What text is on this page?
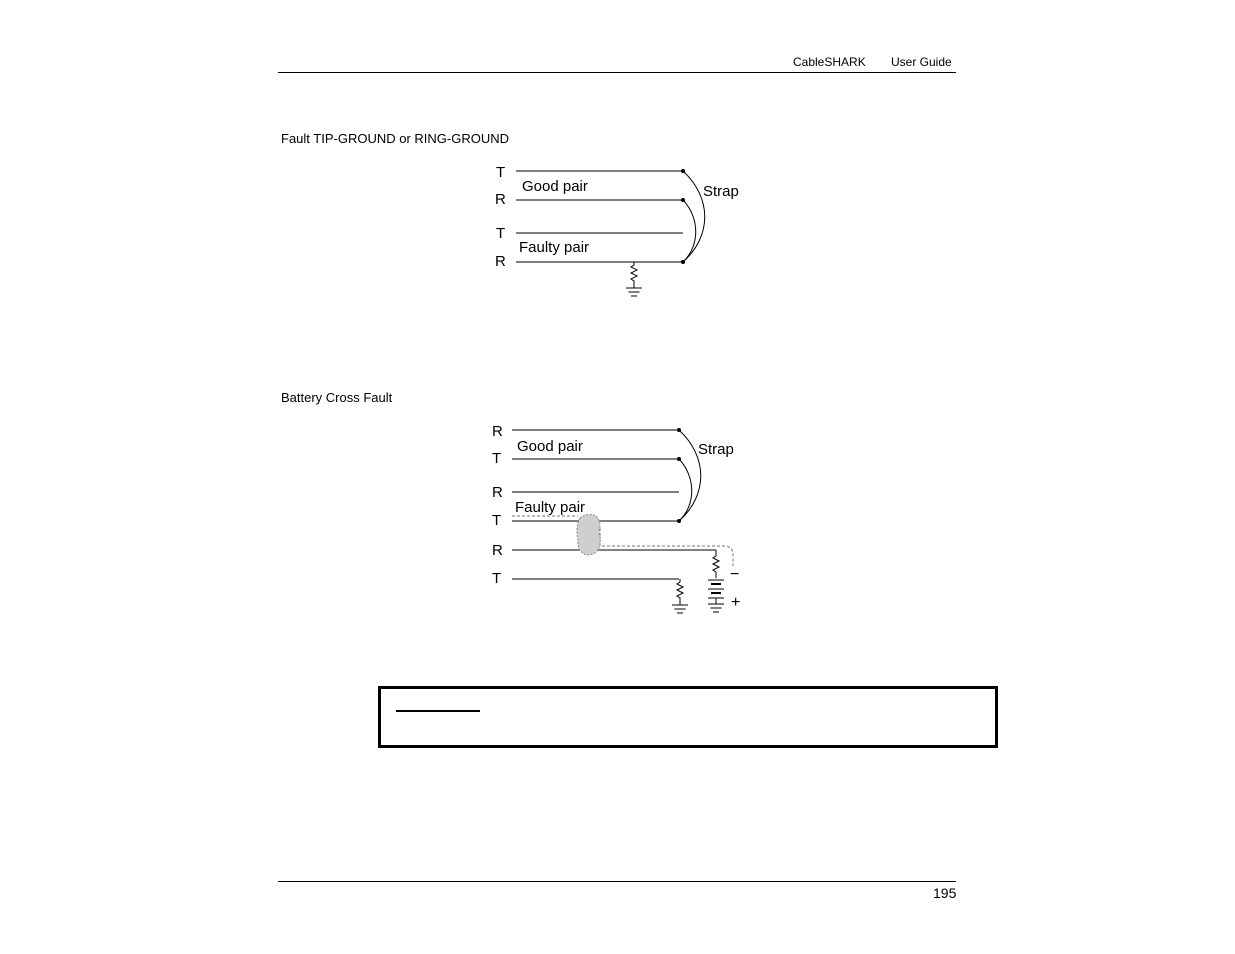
CableSHARK User Guide
Fault TIP-GROUND or RING-GROUND
Battery Cross Fault
T
R
T
R
Good pair
Faulty pair
Strap
R
T
R
T
R
T
Good pair
Faulty pair
Strap
−
+
195
